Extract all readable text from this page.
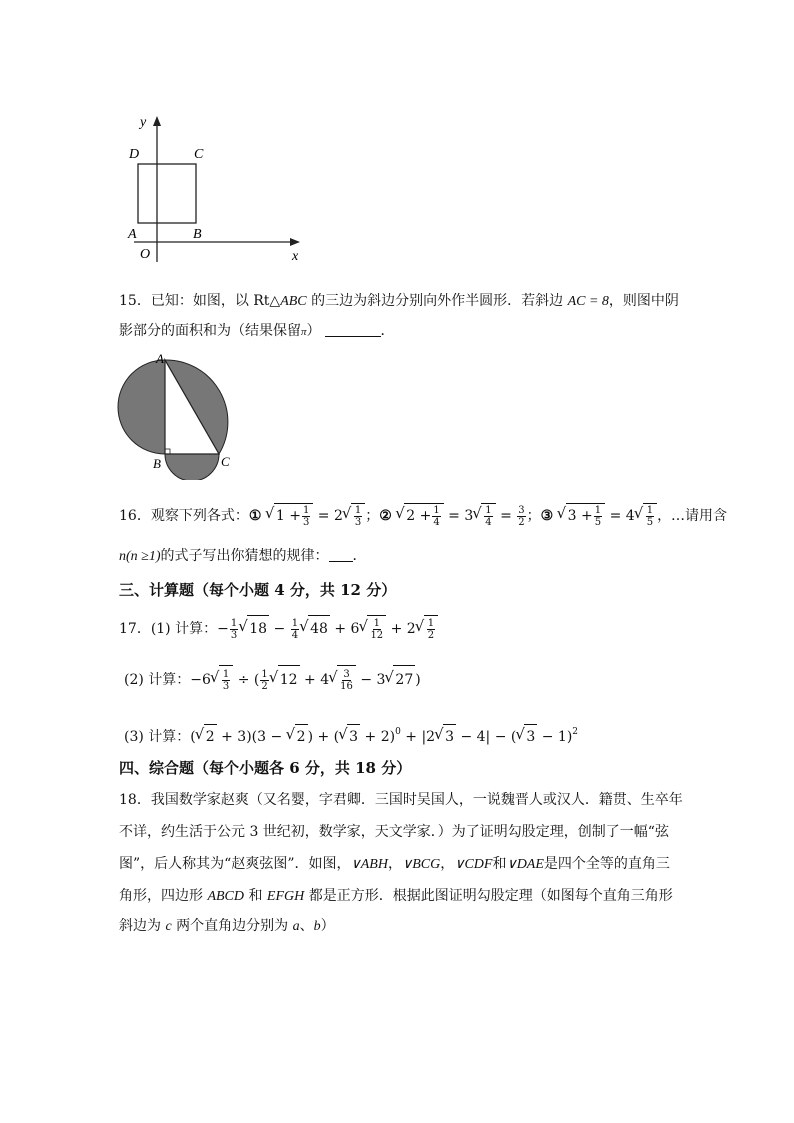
y
x
O
A	B
C
D
15．已知：如图，以 Rt△ABC 的三边为斜边分别向外作半圆形．若斜边 AC = 8，则图中阴
影部分的面积和为（结果保留π）	．
A
B	C
16．观察下列各式：① √ $1 + \frac{1}{3} = 2$
√ $\frac{1}{3}$ ；② √ $2 + \frac{1}{4} = 3$
√ $\frac{1}{4} = \frac{3}{2}$ ；③ √ $3 + \frac{1}{5} = 4$
√ $\frac{1}{5}$ ，…请用含
n(n ≥1)的式子写出你猜想的规律： ．
三、计算题（每个小题 4 分，共 12 分）
17．(1) 计算：− $\frac{1}{3}$
√ $18 - \frac{1}{4}$
√ 48 + 6
√ $\frac{1}{12} + 2$
√ $\frac{1}{2}$
(2) 计算：−6
√ $\frac{1}{3}$ ÷ ( $\frac{1}{2}$
√ 12 + 4
√ $\frac{3}{16} - 3√$ 27 )
(3) 计算：(√ 2 + 3)(3 − √ 2 ) + (√ 3 + 2)$^0$ + |2√ 3 − 4| − (√ 3 − 1)$^2$
四、综合题（每个小题各 6 分，共 18 分）
18．我国数学家赵爽（又名婴，字君卿．三国时吴国人，一说魏晋人或汉人．籍贯、生卒年
不详，约生活于公元 3 世纪初，数学家，天文学家．）为了证明勾股定理，创制了一幅“弦
图”，后人称其为“赵爽弦图”．如图，∨ABH，∨BCG，∨CDF和∨DAE是四个全等的直角三
角形，四边形 ABCD 和 EFGH 都是正方形．根据此图证明勾股定理（如图每个直角三角形
斜边为 c 两个直角边分别为 a、b）
